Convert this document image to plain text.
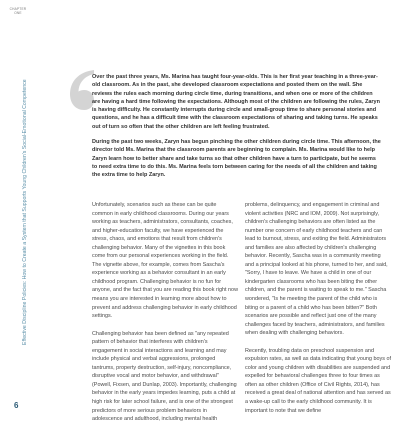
CHAPTER
ONE
Effective Discipline Policies: How to Create a System that Supports Young Children's Social-Emotional Competence

Over the past three years, Ms. Marina has taught four-year-olds. This is her first year teaching in a three-year-old classroom. As in the past, she developed classroom expectations and posted them on the wall. She reviews the rules each morning during circle time, during transitions, and when one or more of the children are having a hard time following the expectations. Although most of the children are following the rules, Zaryn is having difficulty. He constantly interrupts during circle and small-group time to share personal stories and questions, and he has a difficult time with the classroom expectations of sharing and taking turns. He speaks out of turn so often that the other children are left feeling frustrated.

During the past two weeks, Zaryn has begun pinching the other children during circle time. This afternoon, the director told Ms. Marina that the classroom parents are beginning to complain. Ms. Marina would like to help Zaryn learn how to better share and take turns so that other children have a turn to participate, but he seems to need extra time to do this. Ms. Marina feels torn between caring for the needs of all the children and taking the extra time to help Zaryn.

Unfortunately, scenarios such as these can be quite common in early childhood classrooms. During our years working as teachers, administrators, consultants, coaches, and higher-education faculty, we have experienced the stress, chaos, and emotions that result from children's challenging behavior. Many of the vignettes in this book come from our personal experiences working in the field. The vignette above, for example, comes from Sascha's experience working as a behavior consultant in an early childhood program. Challenging behavior is no fun for anyone, and the fact that you are reading this book right now means you are interested in learning more about how to prevent and address challenging behavior in early childhood settings.

Challenging behavior has been defined as "any repeated pattern of behavior that interferes with children's engagement in social interactions and learning and may include physical and verbal aggressions, prolonged tantrums, property destruction, self-injury, noncompliance, disruptive vocal and motor behavior, and withdrawal" (Powell, Fixsen, and Dunlap, 2003). Importantly, challenging behavior in the early years impedes learning, puts a child at high risk for later school failure, and is one of the strongest predictors of more serious problem behaviors in adolescence and adulthood, including mental health

problems, delinquency, and engagement in criminal and violent activities (NRC and IOM, 2009). Not surprisingly, children's challenging behaviors are often listed as the number one concern of early childhood teachers and can lead to burnout, stress, and exiting the field. Administrators and families are also affected by children's challenging behavior. Recently, Sascha was in a community meeting and a principal looked at his phone, turned to her, and said, "Sorry, I have to leave. We have a child in one of our kindergarten classrooms who has been biting the other children, and the parent is waiting to speak to me." Sascha wondered, "Is he meeting the parent of the child who is biting or a parent of a child who has been bitten?" Both scenarios are possible and reflect just one of the many challenges faced by teachers, administrators, and families when dealing with challenging behaviors.

Recently, troubling data on preschool suspension and expulsion rates, as well as data indicating that young boys of color and young children with disabilities are suspended and expelled for behavioral challenges three to four times as often as other children (Office of Civil Rights, 2014), has received a great deal of national attention and has served as a wake-up call to the early childhood community. It is important to note that we define

6
